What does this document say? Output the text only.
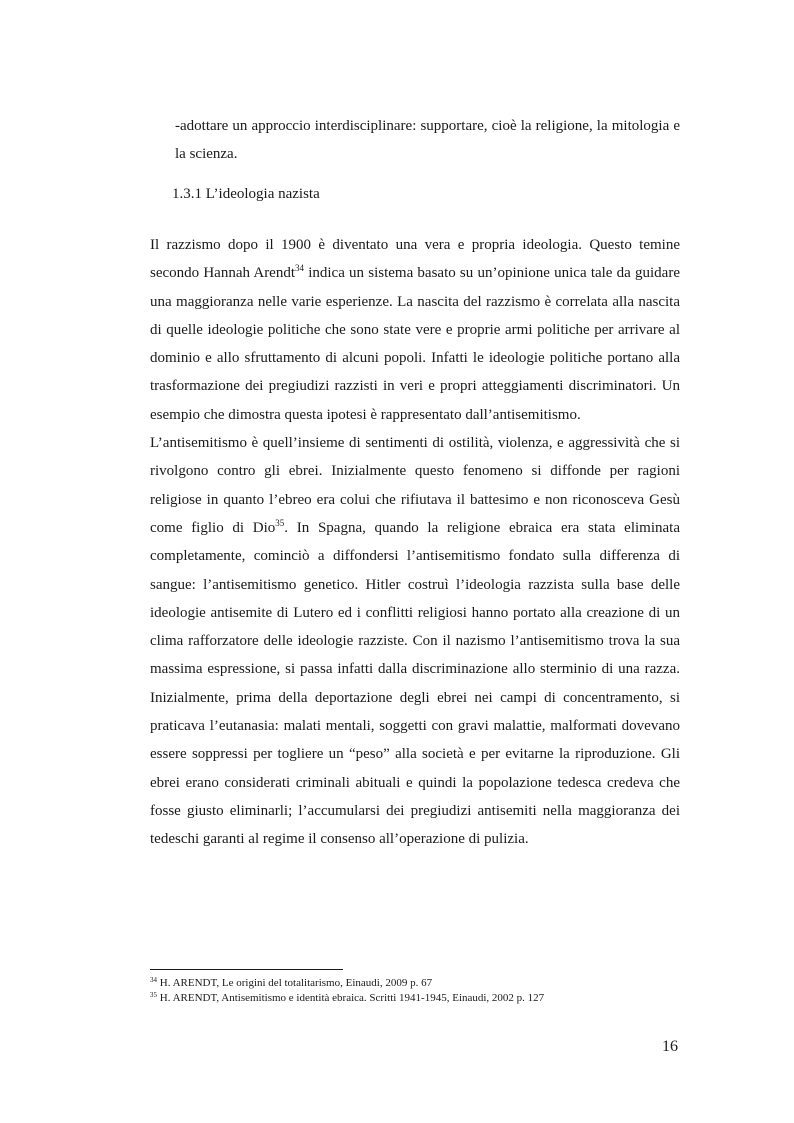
-adottare un approccio interdisciplinare: supportare, cioè la religione, la mitologia e la scienza.
1.3.1 L’ideologia nazista

Il razzismo dopo il 1900 è diventato una vera e propria ideologia. Questo temine secondo Hannah Arendt$^{34}$ indica un sistema basato su un’opinione unica tale da guidare una maggioranza nelle varie esperienze. La nascita del razzismo è correlata alla nascita di quelle ideologie politiche che sono state vere e proprie armi politiche per arrivare al dominio e allo sfruttamento di alcuni popoli. Infatti le ideologie politiche portano alla trasformazione dei pregiudizi razzisti in veri e propri atteggiamenti discriminatori. Un esempio che dimostra questa ipotesi è rappresentato dall’antisemitismo.

L’antisemitismo è quell’insieme di sentimenti di ostilità, violenza, e aggressività che si rivolgono contro gli ebrei. Inizialmente questo fenomeno si diffonde per ragioni religiose in quanto l’ebreo era colui che rifiutava il battesimo e non riconosceva Gesù come figlio di Dio$^{35}$. In Spagna, quando la religione ebraica era stata eliminata completamente, cominciò a diffondersi l’antisemitismo fondato sulla differenza di sangue: l’antisemitismo genetico. Hitler costruì l’ideologia razzista sulla base delle ideologie antisemite di Lutero ed i conflitti religiosi hanno portato alla creazione di un clima rafforzatore delle ideologie razziste. Con il nazismo l’antisemitismo trova la sua massima espressione, si passa infatti dalla discriminazione allo sterminio di una razza. Inizialmente, prima della deportazione degli ebrei nei campi di concentramento, si praticava l’eutanasia: malati mentali, soggetti con gravi malattie, malformati dovevano essere soppressi per togliere un “peso” alla società e per evitarne la riproduzione. Gli ebrei erano considerati criminali abituali e quindi la popolazione tedesca credeva che fosse giusto eliminarli; l’accumularsi dei pregiudizi antisemiti nella maggioranza dei tedeschi garanti al regime il consenso all’operazione di pulizia.

$^{34}$ H. ARENDT, Le origini del totalitarismo, Einaudi, 2009 p. 67
$^{35}$ H. ARENDT, Antisemitismo e identità ebraica. Scritti 1941-1945, Einaudi, 2002 p. 127
16
